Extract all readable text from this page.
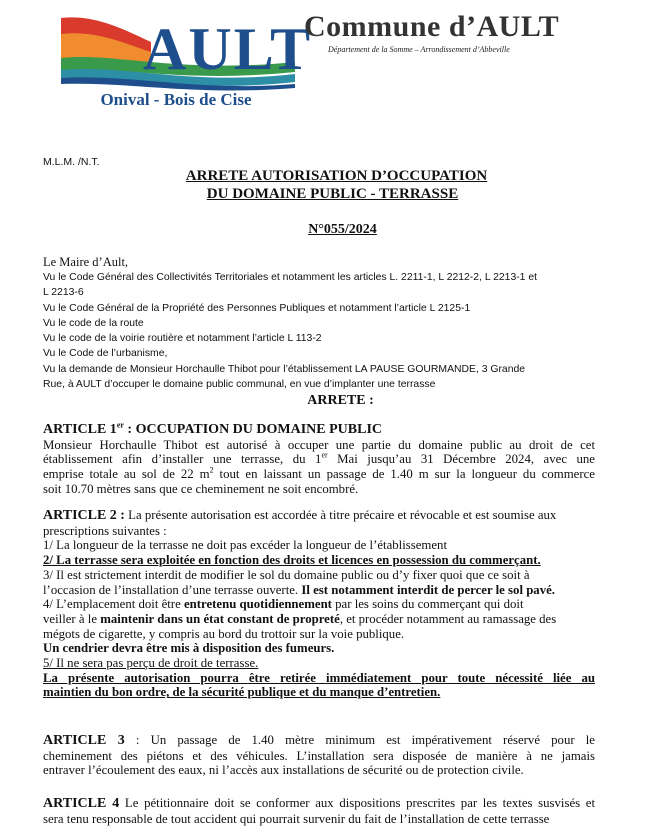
AULT
Onival - Bois de Cise
Commune d’AULT
Département de la Somme – Arrondissement d’Abbeville
M.L.M. /N.T.
ARRETE AUTORISATION D’OCCUPATION
DU DOMAINE PUBLIC - TERRASSE
N°055/2024
Le Maire d’Ault,
Vu le Code Général des Collectivités Territoriales et notamment les articles L. 2211-1, L 2212-2, L 2213-1 et
L 2213-6
Vu le Code Général de la Propriété des Personnes Publiques et notamment l’article L 2125-1
Vu le code de la route
Vu le code de la voirie routière et notamment l’article L 113-2
Vu le Code de l’urbanisme,
Vu la demande de Monsieur Horchaulle Thibot pour l’établissement LA PAUSE GOURMANDE, 3 Grande
Rue, à AULT d’occuper le domaine public communal, en vue d’implanter une terrasse
ARRETE :
ARTICLE 1er : OCCUPATION DU DOMAINE PUBLIC
Monsieur Horchaulle Thibot est autorisé à occuper une partie du domaine public au droit de cet
établissement afin d’installer une terrasse, du 1er Mai jusqu’au 31 Décembre 2024, avec une
emprise totale au sol de 22 $m^2$ tout en laissant un passage de 1.40 m sur la longueur du commerce
soit 10.70 mètres sans que ce cheminement ne soit encombré.
ARTICLE 2 : La présente autorisation est accordée à titre précaire et révocable et est soumise aux
prescriptions suivantes :
1/ La longueur de la terrasse ne doit pas excéder la longueur de l’établissement
2/ La terrasse sera exploitée en fonction des droits et licences en possession du commerçant.
3/ Il est strictement interdit de modifier le sol du domaine public ou d’y fixer quoi que ce soit à
l’occasion de l’installation d’une terrasse ouverte. Il est notamment interdit de percer le sol pavé.
4/ L’emplacement doit être entretenu quotidiennement par les soins du commerçant qui doit
veiller à le maintenir dans un état constant de propreté, et procéder notamment au ramassage des
mégots de cigarette, y compris au bord du trottoir sur la voie publique.
Un cendrier devra être mis à disposition des fumeurs.
5/ Il ne sera pas perçu de droit de terrasse.
La présente autorisation pourra être retirée immédiatement pour toute nécessité liée au
maintien du bon ordre, de la sécurité publique et du manque d’entretien.
ARTICLE 3 : Un passage de 1.40 mètre minimum est impérativement réservé pour le
cheminement des piétons et des véhicules. L’installation sera disposée de manière à ne jamais
entraver l’écoulement des eaux, ni l’accès aux installations de sécurité ou de protection civile.
ARTICLE 4 Le pétitionnaire doit se conformer aux dispositions prescrites par les textes susvisés et
sera tenu responsable de tout accident qui pourrait survenir du fait de l’installation de cette terrasse
